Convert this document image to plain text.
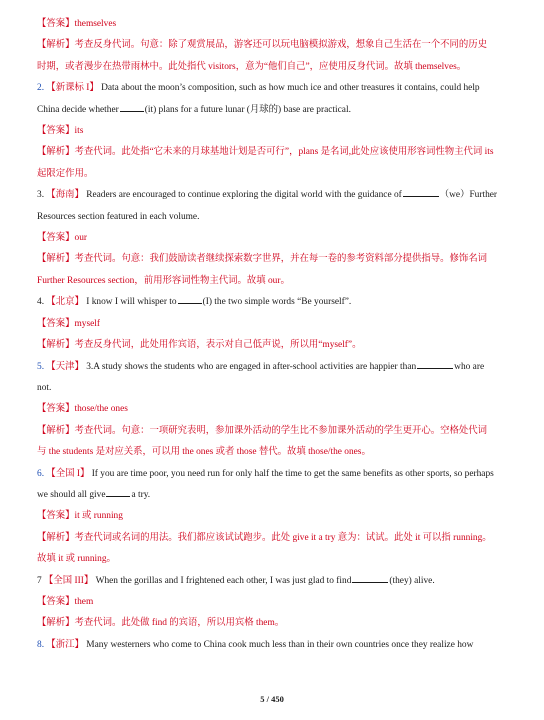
【答案】themselves
【解析】考查反身代词。句意：除了观赏展品，游客还可以玩电脑模拟游戏，想象自己生活在一个不同的历史
时期，或者漫步在热带雨林中。此处指代 visitors，意为“他们自己”，应使用反身代词。故填 themselves。
2. 【新课标 I】 Data about the moon’s composition, such as how much ice and other treasures it contains, could help
China decide whether	(it) plans for a future lunar (月球的) base are practical.
【答案】its
【解析】考查代词。此处指“它未来的月球基地计划是否可行”，plans 是名词,此处应该使用形容词性物主代词 its
起限定作用。
3. 【海南】 Readers are encouraged to continue exploring the digital world with the guidance of	（we）Further
Resources section featured in each volume.
【答案】our
【解析】考查代词。句意：我们鼓励读者继续探索数字世界，并在每一卷的参考资料部分提供指导。修饰名词
Further Resources section，前用形容词性物主代词。故填 our。
4. 【北京】 I know I will whisper to	(I) the two simple words “Be yourself”.
【答案】myself
【解析】考查反身代词，此处用作宾语，表示对自己低声说，所以用“myself”。
5. 【天津】 3.A study shows the students who are engaged in after-school activities are happier than	who are
not.
【答案】those/the ones
【解析】考查代词。句意：一项研究表明，参加课外活动的学生比不参加课外活动的学生更开心。空格处代词
与 the students 是对应关系，可以用 the ones 或者 those 替代。故填 those/the ones。
6. 【全国 I】 If you are time poor, you need run for only half the time to get the same benefits as other sports, so perhaps
we should all give	a try.
【答案】it 或 running
【解析】考查代词或名词的用法。我们都应该试试跑步。此处 give it a try 意为：试试。此处 it 可以指 running。
故填 it 或 running。
7 【全国 III】 When the gorillas and I frightened each other, I was just glad to find	(they) alive.
【答案】them
【解析】考查代词。此处做 find 的宾语，所以用宾格 them。
8. 【浙江】 Many westerners who come to China cook much less than in their own countries once they realize how
5 / 450
